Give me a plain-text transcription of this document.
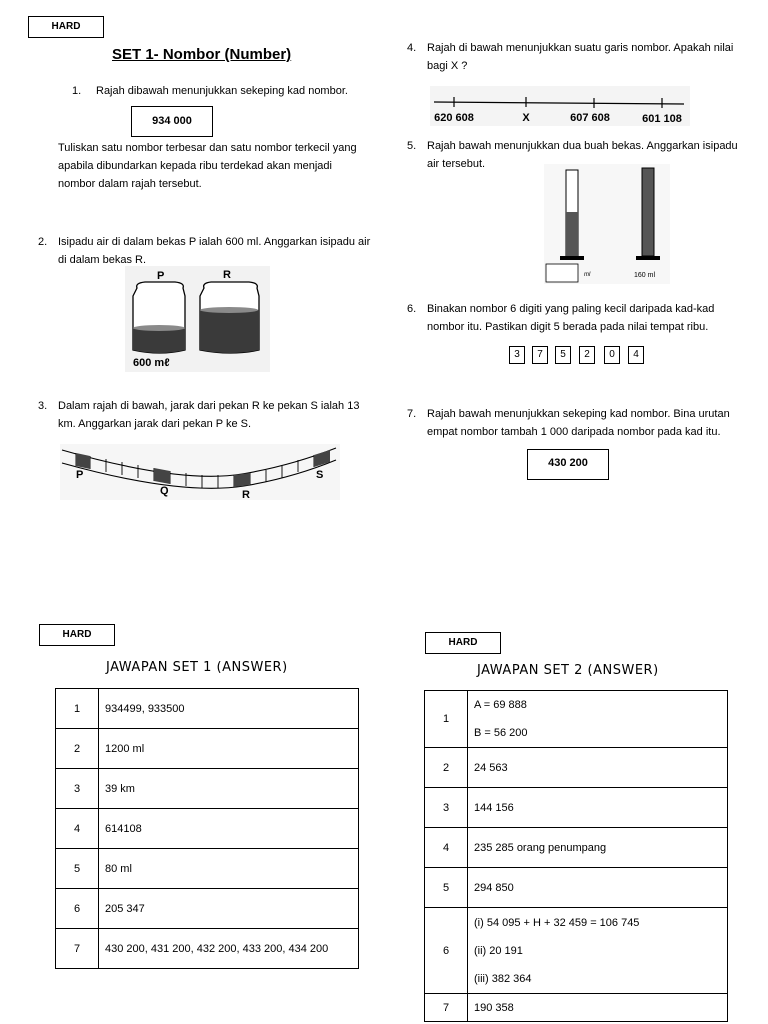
HARD
SET 1- Nombor (Number)
1. Rajah dibawah menunjukkan sekeping kad nombor.
934 000
Tuliskan satu nombor terbesar dan satu nombor terkecil yang apabila dibundarkan kepada ribu terdekad akan menjadi nombor dalam rajah tersebut.
2. Isipadu air di dalam bekas P ialah 600 ml. Anggarkan isipadu air di dalam bekas R.
P	R
600 mℓ
3. Dalam rajah di bawah, jarak dari pekan R ke pekan S ialah 13 km. Anggarkan jarak dari pekan P ke S.
P
Q	R
S
4. Rajah di bawah menunjukkan suatu garis nombor. Apakah nilai bagi X ?
620 608	X	607 608	601 108
5. Rajah bawah menunjukkan dua buah bekas. Anggarkan isipadu air tersebut.
ml	160 ml
6. Binakan nombor 6 digiti yang paling kecil daripada kad-kad nombor itu. Pastikan digit 5 berada pada nilai tempat ribu.
3	7	5	2	0	4
7. Rajah bawah menunjukkan sekeping kad nombor. Bina urutan empat nombor tambah 1 000 daripada nombor pada kad itu.
430 200
HARD
JAWAPAN SET 1 (ANSWER)
1	934499, 933500
2	1200 ml
3	39 km
4	614108
5	80 ml
6	205 347
7	430 200, 431 200, 432 200, 433 200, 434 200
HARD
JAWAPAN SET 2 (ANSWER)
1	A = 69 888
B = 56 200

2	24 563
3	144 156
4	235 285 orang penumpang
5	294 850
6	(i) 54 095 + H + 32 459 = 106 745
(ii) 20 191
(iii) 382 364

7	190 358
